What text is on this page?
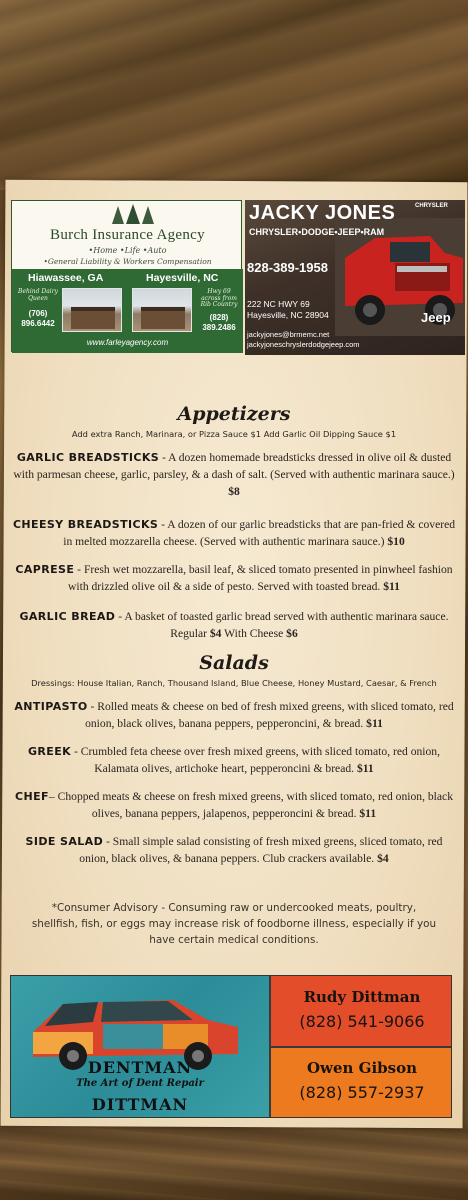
Burch Insurance Agency
•Home •Life •Auto
•General Liability & Workers Compensation
Hiawassee, GA	Hayesville, NC
Behind Dairy Queen
(706) 896.6442
Hwy 69 across from Rib Country
(828) 389.2486
www.farleyagency.com
JACKY JONES	CHRYSLER
CHRYSLER•DODGE•JEEP•RAM
828-389-1958
222 NC HWY 69
Hayesville, NC 28904
jackyjones@brmemc.net
jackyjoneschryslerdodgejeep.com
Jeep
Appetizers
Add extra Ranch, Marinara, or Pizza Sauce $1 Add Garlic Oil Dipping Sauce $1
GARLIC BREADSTICKS - A dozen homemade breadsticks dressed in olive oil & dusted with parmesan cheese, garlic, parsley, & a dash of salt. (Served with authentic marinara sauce.) $8
CHEESY BREADSTICKS - A dozen of our garlic breadsticks that are pan-fried & covered in melted mozzarella cheese. (Served with authentic marinara sauce.) $10
CAPRESE - Fresh wet mozzarella, basil leaf, & sliced tomato presented in pinwheel fashion with drizzled olive oil & a side of pesto. Served with toasted bread. $11
GARLIC BREAD - A basket of toasted garlic bread served with authentic marinara sauce. Regular $4 With Cheese $6
Salads
Dressings: House Italian, Ranch, Thousand Island, Blue Cheese, Honey Mustard, Caesar, & French
ANTIPASTO - Rolled meats & cheese on bed of fresh mixed greens, with sliced tomato, red onion, black olives, banana peppers, pepperoncini, & bread. $11
GREEK - Crumbled feta cheese over fresh mixed greens, with sliced tomato, red onion, Kalamata olives, artichoke heart, pepperoncini & bread. $11
CHEF– Chopped meats & cheese on fresh mixed greens, with sliced tomato, red onion, black olives, banana peppers, jalapenos, pepperoncini & bread. $11
SIDE SALAD - Small simple salad consisting of fresh mixed greens, sliced tomato, red onion, black olives, & banana peppers. Club crackers available. $4
*Consumer Advisory - Consuming raw or undercooked meats, poultry, shellfish, fish, or eggs may increase risk of foodborne illness, especially if you have certain medical conditions.
DENTMAN
The Art of Dent Repair
DITTMAN
Rudy Dittman
(828) 541-9066
Owen Gibson
(828) 557-2937
